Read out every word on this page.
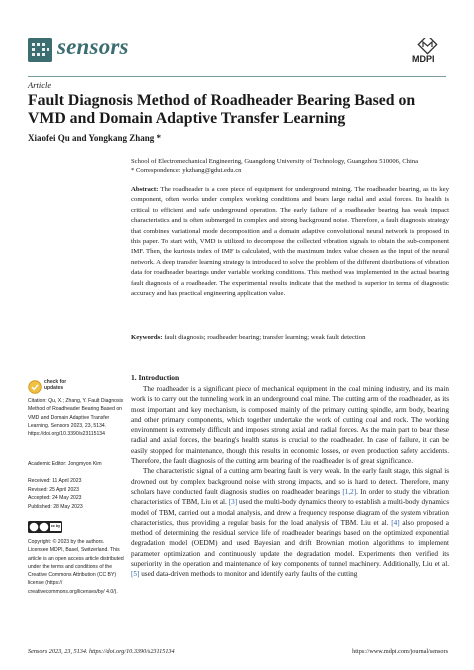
sensors	MDPI
Article
Fault Diagnosis Method of Roadheader Bearing Based on VMD and Domain Adaptive Transfer Learning
Xiaofei Qu and Yongkang Zhang *
School of Electromechanical Engineering, Guangdong University of Technology, Guangzhou 510006, China
* Correspondence: ykzhang@gdut.edu.cn
Abstract: The roadheader is a core piece of equipment for underground mining. The roadheader bearing, as its key component, often works under complex working conditions and bears large radial and axial forces. Its health is critical to efficient and safe underground operation. The early failure of a roadheader bearing has weak impact characteristics and is often submerged in complex and strong background noise. Therefore, a fault diagnosis strategy that combines variational mode decomposition and a domain adaptive convolutional neural network is proposed in this paper. To start with, VMD is utilized to decompose the collected vibration signals to obtain the sub-component IMF. Then, the kurtosis index of IMF is calculated, with the maximum index value chosen as the input of the neural network. A deep transfer learning strategy is introduced to solve the problem of the different distributions of vibration data for roadheader bearings under variable working conditions. This method was implemented in the actual bearing fault diagnosis of a roadheader. The experimental results indicate that the method is superior in terms of diagnostic accuracy and has practical engineering application value.
Keywords: fault diagnosis; roadheader bearing; transfer learning; weak fault detection
check for updates
Citation: Qu, X.; Zhang, Y. Fault Diagnosis Method of Roadheader Bearing Based on VMD and Domain Adaptive Transfer Learning. Sensors 2023, 23, 5134. https://doi.org/10.3390/s23115134
Academic Editor: Jongmyon Kim
Received: 11 April 2023
Revised: 25 April 2023
Accepted: 24 May 2023
Published: 28 May 2023
cc by
Copyright: © 2023 by the authors. Licensee MDPI, Basel, Switzerland. This article is an open access article distributed under the terms and conditions of the Creative Commons Attribution (CC BY) license (https:// creativecommons.org/licenses/by/ 4.0/).
1. Introduction

The roadheader is a significant piece of mechanical equipment in the coal mining industry, and its main work is to carry out the tunneling work in an underground coal mine. The cutting arm of the roadheader, as its most important and key mechanism, is composed mainly of the primary cutting spindle, arm body, bearing and other primary components, which together undertake the work of cutting coal and rock. The working environment is extremely difficult and imposes strong axial and radial forces. As the main part to bear these radial and axial forces, the bearing's health status is crucial to the roadheader. In case of failure, it can be easily stopped for maintenance, though this results in economic losses, or even production safety accidents. Therefore, the fault diagnosis of the cutting arm bearing of the roadheader is of great significance.

The characteristic signal of a cutting arm bearing fault is very weak. In the early fault stage, this signal is drowned out by complex background noise with strong impacts, and so is hard to detect. Therefore, many scholars have conducted fault diagnosis studies on roadheader bearings [1,2]. In order to study the vibration characteristics of TBM, Liu et al. [3] used the multi-body dynamics theory to establish a multi-body dynamics model of TBM, carried out a modal analysis, and drew a frequency response diagram of the system vibration characteristics, thus providing a regular basis for the load analysis of TBM. Liu et al. [4] also proposed a method of determining the residual service life of roadheader bearings based on the optimized exponential degradation model (OEDM) and used Bayesian and drift Brownian motion algorithms to implement parameter optimization and continuously update the degradation model. Experiments then verified its superiority in the operation and maintenance of key components of tunnel machinery. Additionally, Liu et al. [5] used data-driven methods to monitor and identify early faults of the cutting

Sensors 2023, 23, 5134. https://doi.org/10.3390/s23115134	https://www.mdpi.com/journal/sensors
